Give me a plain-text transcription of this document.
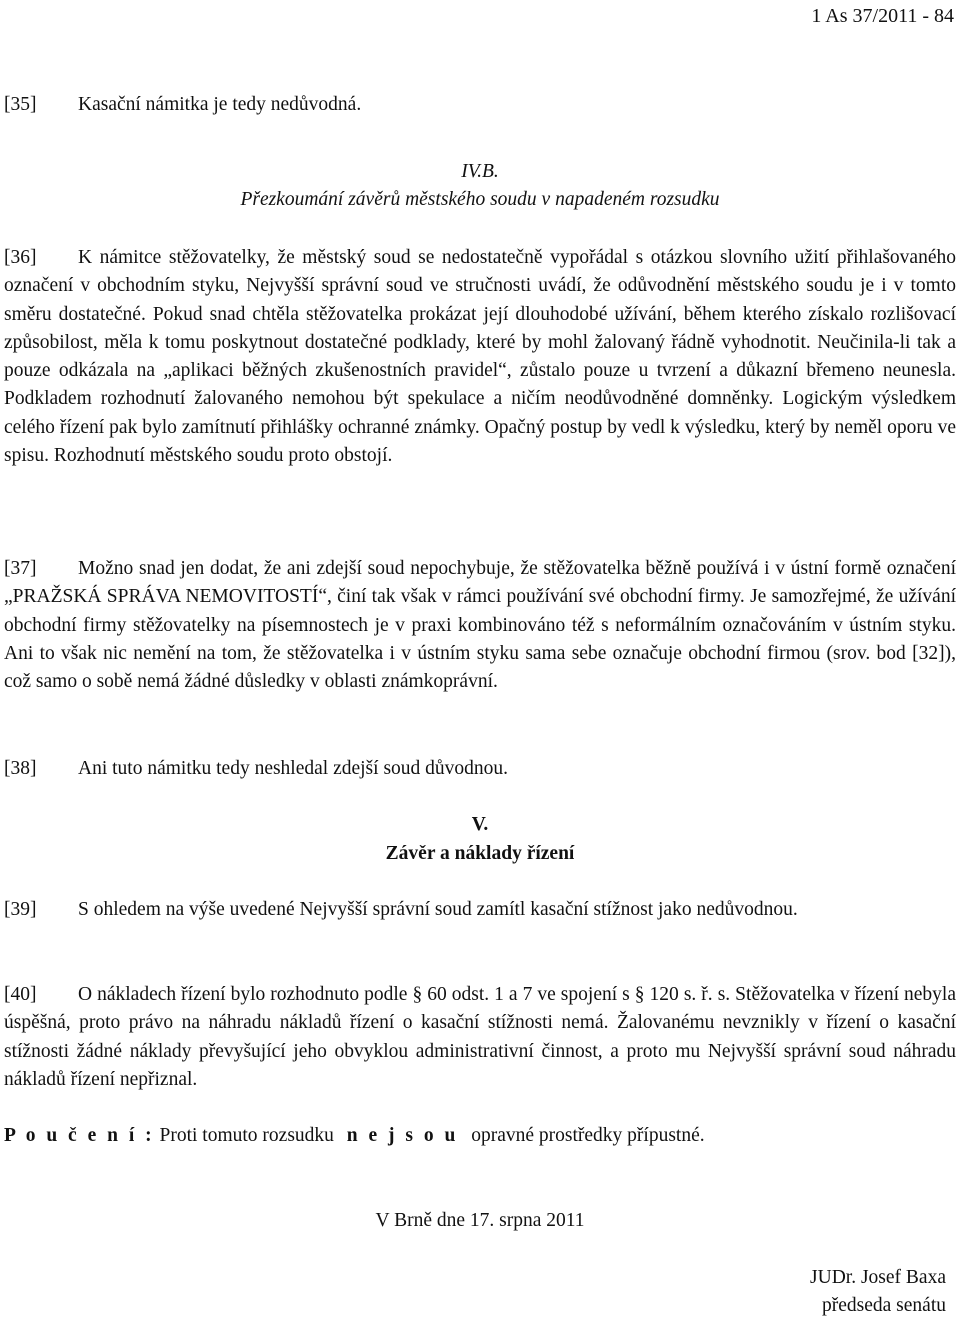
1 As 37/2011 - 84
[35] Kasační námitka je tedy nedůvodná.
IV.B.
Přezkoumání závěrů městského soudu v napadeném rozsudku
[36] K námitce stěžovatelky, že městský soud se nedostatečně vypořádal s otázkou slovního užití přihlašovaného označení v obchodním styku, Nejvyšší správní soud ve stručnosti uvádí, že odůvodnění městského soudu je i v tomto směru dostatečné. Pokud snad chtěla stěžovatelka prokázat její dlouhodobé užívání, během kterého získalo rozlišovací způsobilost, měla k tomu poskytnout dostatečné podklady, které by mohl žalovaný řádně vyhodnotit. Neučinila-li tak a pouze odkázala na „aplikaci běžných zkušenostních pravidel“, zůstalo pouze u tvrzení a důkazní břemeno neunesla. Podkladem rozhodnutí žalovaného nemohou být spekulace a ničím neodůvodněné domněnky. Logickým výsledkem celého řízení pak bylo zamítnutí přihlášky ochranné známky. Opačný postup by vedl k výsledku, který by neměl oporu ve spisu. Rozhodnutí městského soudu proto obstojí.
[37] Možno snad jen dodat, že ani zdejší soud nepochybuje, že stěžovatelka běžně používá i v ústní formě označení „PRAŽSKÁ SPRÁVA NEMOVITOSTÍ“, činí tak však v rámci používání své obchodní firmy. Je samozřejmé, že užívání obchodní firmy stěžovatelky na písemnostech je v praxi kombinováno též s neformálním označováním v ústním styku. Ani to však nic nemění na tom, že stěžovatelka i v ústním styku sama sebe označuje obchodní firmou (srov. bod [32]), což samo o sobě nemá žádné důsledky v oblasti známkoprávní.
[38] Ani tuto námitku tedy neshledal zdejší soud důvodnou.
V.
Závěr a náklady řízení
[39] S ohledem na výše uvedené Nejvyšší správní soud zamítl kasační stížnost jako nedůvodnou.
[40] O nákladech řízení bylo rozhodnuto podle § 60 odst. 1 a 7 ve spojení s § 120 s. ř. s. Stěžovatelka v řízení nebyla úspěšná, proto právo na náhradu nákladů řízení o kasační stížnosti nemá. Žalovanému nevznikly v řízení o kasační stížnosti žádné náklady převyšující jeho obvyklou administrativní činnost, a proto mu Nejvyšší správní soud náhradu nákladů řízení nepřiznal.
P o u č e n í : Proti tomuto rozsudku n e j s o u opravné prostředky přípustné.
V Brně dne 17. srpna 2011
JUDr. Josef Baxa
předseda senátu
